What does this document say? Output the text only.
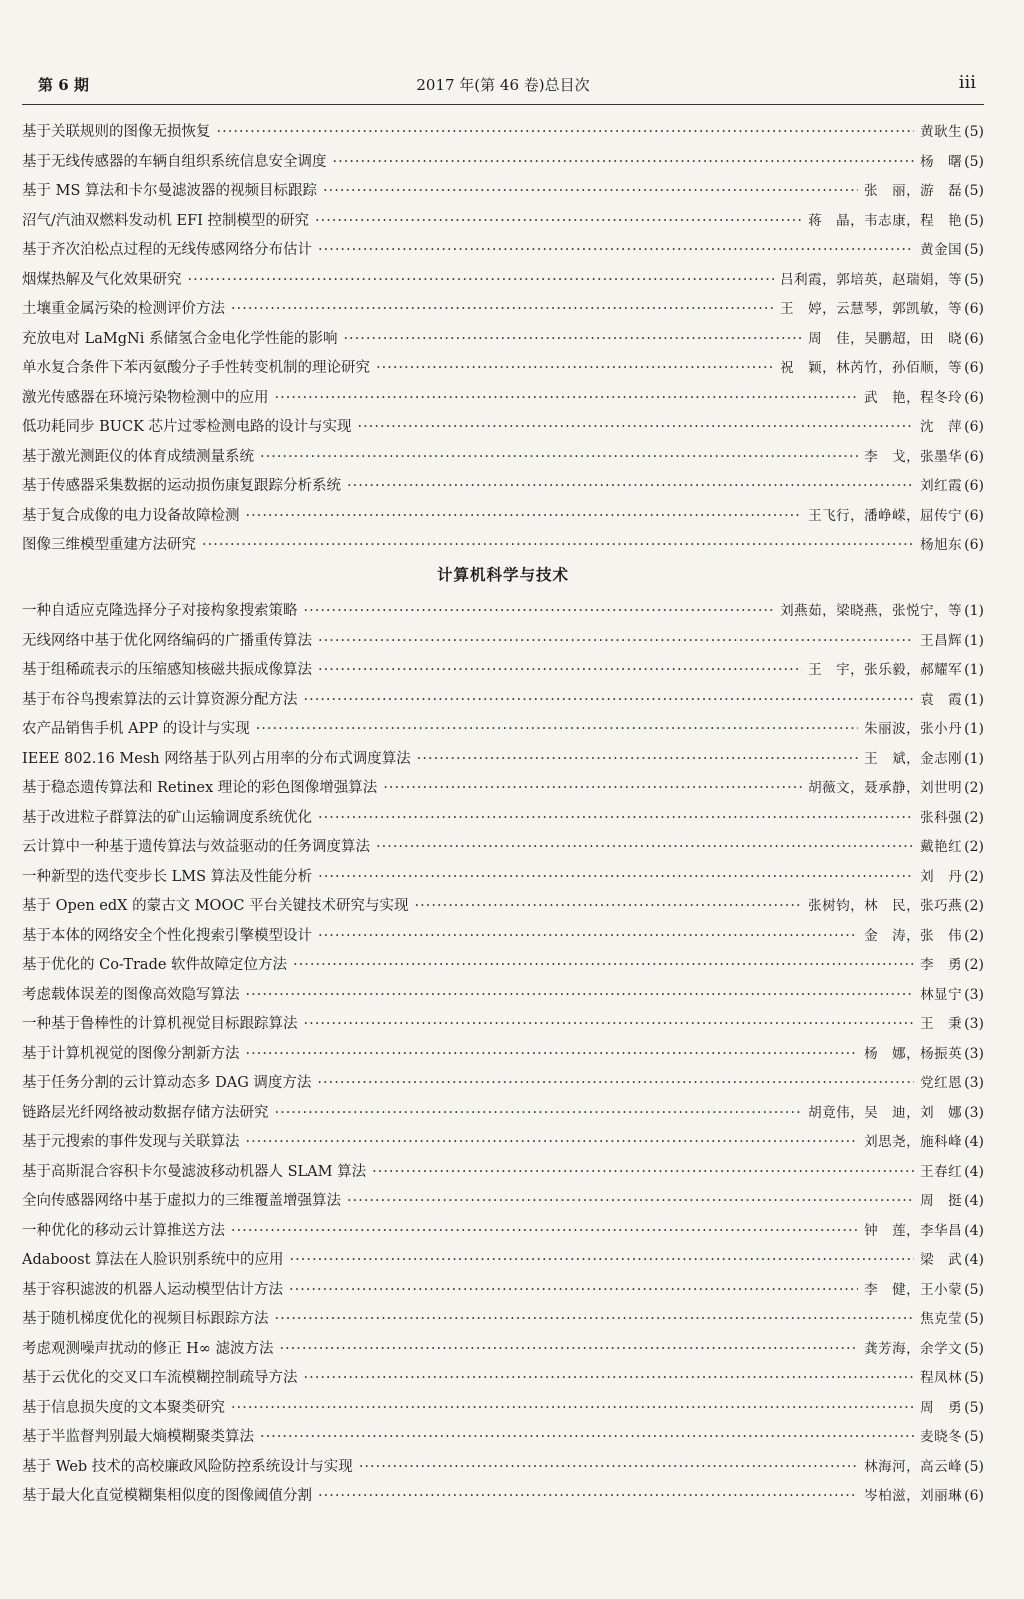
第 6 期	2017 年(第 46 卷)总目次	iii
基于关联规则的图像无损恢复 ·····	黄耿生 (5)
基于无线传感器的车辆自组织系统信息安全调度 ·····	杨　曙 (5)
基于 MS 算法和卡尔曼滤波器的视频目标跟踪 ·····	张　丽，游　磊 (5)
沼气/汽油双燃料发动机 EFI 控制模型的研究 ·····	蒋　晶，韦志康，程　艳 (5)
基于齐次泊松点过程的无线传感网络分布估计 ·····	黄金国 (5)
烟煤热解及气化效果研究 ·····	吕利霞，郭培英，赵瑞娟，等 (5)
土壤重金属污染的检测评价方法 ·····	王　婷，云慧琴，郭凯敏，等 (6)
充放电对 LaMgNi 系储氢合金电化学性能的影响 ·····	周　佳，吴鹏超，田　晓 (6)
单水复合条件下苯丙氨酸分子手性转变机制的理论研究 ·····	祝　颖，林芮竹，孙佰顺，等 (6)
激光传感器在环境污染物检测中的应用 ·····	武　艳，程冬玲 (6)
低功耗同步 BUCK 芯片过零检测电路的设计与实现 ·····	沈　萍 (6)
基于激光测距仪的体育成绩测量系统 ·····	李　戈，张墨华 (6)
基于传感器采集数据的运动损伤康复跟踪分析系统 ·····	刘红霞 (6)
基于复合成像的电力设备故障检测 ·····	王飞行，潘峥嵘，屈传宁 (6)
图像三维模型重建方法研究 ·····	杨旭东 (6)
计算机科学与技术
一种自适应克隆选择分子对接构象搜索策略 ·····	刘燕茹，梁晓燕，张悦宁，等 (1)
无线网络中基于优化网络编码的广播重传算法 ·····	王昌辉 (1)
基于组稀疏表示的压缩感知核磁共振成像算法 ·····	王　宇，张乐毅，郝耀军 (1)
基于布谷鸟搜索算法的云计算资源分配方法 ·····	袁　霞 (1)
农产品销售手机 APP 的设计与实现 ·····	朱丽波，张小丹 (1)
IEEE 802.16 Mesh 网络基于队列占用率的分布式调度算法 ·····	王　斌，金志刚 (1)
基于稳态遗传算法和 Retinex 理论的彩色图像增强算法 ·····	胡薇文，聂承静，刘世明 (2)
基于改进粒子群算法的矿山运输调度系统优化 ·····	张科强 (2)
云计算中一种基于遗传算法与效益驱动的任务调度算法 ·····	戴艳红 (2)
一种新型的迭代变步长 LMS 算法及性能分析 ·····	刘　丹 (2)
基于 Open edX 的蒙古文 MOOC 平台关键技术研究与实现 ·····	张树钧，林　民，张巧燕 (2)
基于本体的网络安全个性化搜索引擎模型设计 ·····	金　涛，张　伟 (2)
基于优化的 Co-Trade 软件故障定位方法 ·····	李　勇 (2)
考虑载体误差的图像高效隐写算法 ·····	林显宁 (3)
一种基于鲁棒性的计算机视觉目标跟踪算法 ·····	王　秉 (3)
基于计算机视觉的图像分割新方法 ·····	杨　娜，杨振英 (3)
基于任务分割的云计算动态多 DAG 调度方法 ·····	党红恩 (3)
链路层光纤网络被动数据存储方法研究 ·····	胡竟伟，吴　迪，刘　娜 (3)
基于元搜索的事件发现与关联算法 ·····	刘思尧，施科峰 (4)
基于高斯混合容积卡尔曼滤波移动机器人 SLAM 算法 ·····	王春红 (4)
全向传感器网络中基于虚拟力的三维覆盖增强算法 ·····	周　挺 (4)
一种优化的移动云计算推送方法 ·····	钟　莲，李华昌 (4)
Adaboost 算法在人脸识别系统中的应用 ·····	梁　武 (4)
基于容积滤波的机器人运动模型估计方法 ·····	李　健，王小蒙 (5)
基于随机梯度优化的视频目标跟踪方法 ·····	焦克莹 (5)
考虑观测噪声扰动的修正 H∞ 滤波方法 ·····	龚芳海，余学文 (5)
基于云优化的交叉口车流模糊控制疏导方法 ·····	程凤林 (5)
基于信息损失度的文本聚类研究 ·····	周　勇 (5)
基于半监督判别最大熵模糊聚类算法 ·····	麦晓冬 (5)
基于 Web 技术的高校廉政风险防控系统设计与实现 ·····	林海河，高云峰 (5)
基于最大化直觉模糊集相似度的图像阈值分割 ·····	岑柏滋，刘丽琳 (6)
